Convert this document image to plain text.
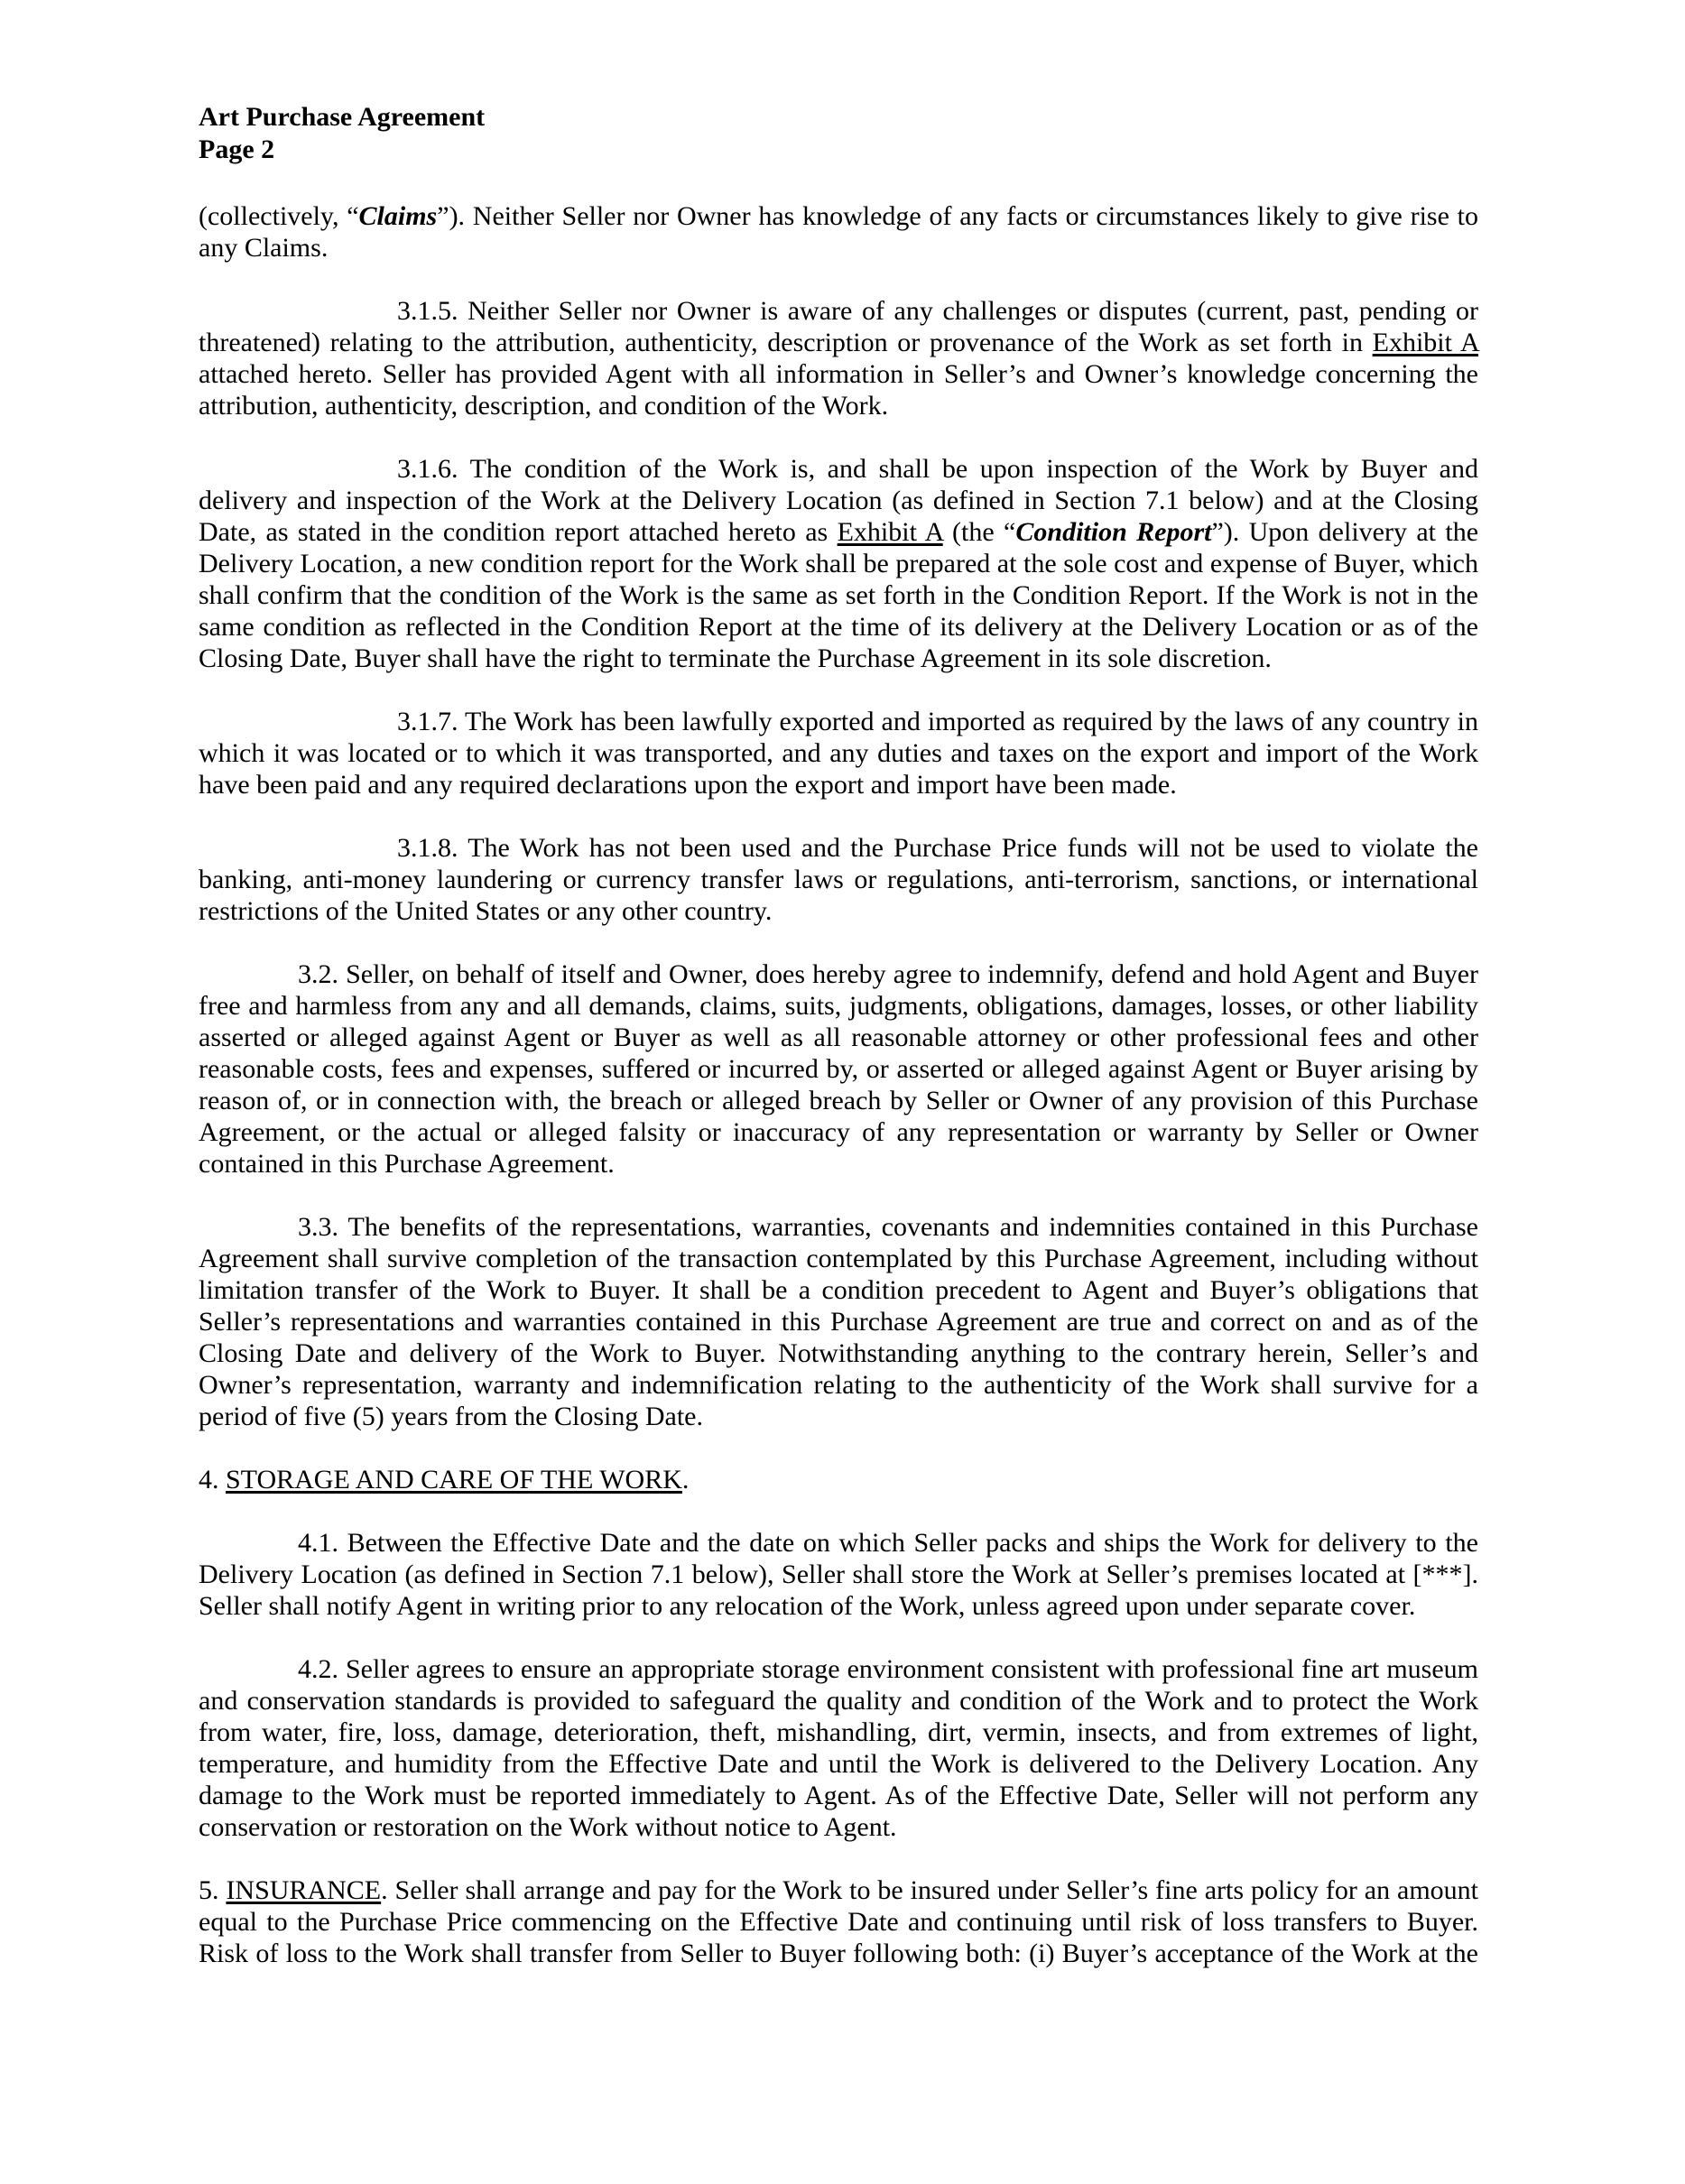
Art Purchase Agreement
Page 2

(collectively, “Claims”). Neither Seller nor Owner has knowledge of any facts or circumstances likely to give rise to any Claims.

3.1.5. Neither Seller nor Owner is aware of any challenges or disputes (current, past, pending or threatened) relating to the attribution, authenticity, description or provenance of the Work as set forth in Exhibit A attached hereto. Seller has provided Agent with all information in Seller’s and Owner’s knowledge concerning the attribution, authenticity, description, and condition of the Work.

3.1.6. The condition of the Work is, and shall be upon inspection of the Work by Buyer and delivery and inspection of the Work at the Delivery Location (as defined in Section 7.1 below) and at the Closing Date, as stated in the condition report attached hereto as Exhibit A (the “Condition Report”). Upon delivery at the Delivery Location, a new condition report for the Work shall be prepared at the sole cost and expense of Buyer, which shall confirm that the condition of the Work is the same as set forth in the Condition Report. If the Work is not in the same condition as reflected in the Condition Report at the time of its delivery at the Delivery Location or as of the Closing Date, Buyer shall have the right to terminate the Purchase Agreement in its sole discretion.

3.1.7. The Work has been lawfully exported and imported as required by the laws of any country in which it was located or to which it was transported, and any duties and taxes on the export and import of the Work have been paid and any required declarations upon the export and import have been made.

3.1.8. The Work has not been used and the Purchase Price funds will not be used to violate the banking, anti-money laundering or currency transfer laws or regulations, anti-terrorism, sanctions, or international restrictions of the United States or any other country.

3.2. Seller, on behalf of itself and Owner, does hereby agree to indemnify, defend and hold Agent and Buyer free and harmless from any and all demands, claims, suits, judgments, obligations, damages, losses, or other liability asserted or alleged against Agent or Buyer as well as all reasonable attorney or other professional fees and other reasonable costs, fees and expenses, suffered or incurred by, or asserted or alleged against Agent or Buyer arising by reason of, or in connection with, the breach or alleged breach by Seller or Owner of any provision of this Purchase Agreement, or the actual or alleged falsity or inaccuracy of any representation or warranty by Seller or Owner contained in this Purchase Agreement.

3.3. The benefits of the representations, warranties, covenants and indemnities contained in this Purchase Agreement shall survive completion of the transaction contemplated by this Purchase Agreement, including without limitation transfer of the Work to Buyer. It shall be a condition precedent to Agent and Buyer’s obligations that Seller’s representations and warranties contained in this Purchase Agreement are true and correct on and as of the Closing Date and delivery of the Work to Buyer. Notwithstanding anything to the contrary herein, Seller’s and Owner’s representation, warranty and indemnification relating to the authenticity of the Work shall survive for a period of five (5) years from the Closing Date.

4. STORAGE AND CARE OF THE WORK.

4.1. Between the Effective Date and the date on which Seller packs and ships the Work for delivery to the Delivery Location (as defined in Section 7.1 below), Seller shall store the Work at Seller’s premises located at [***]. Seller shall notify Agent in writing prior to any relocation of the Work, unless agreed upon under separate cover.

4.2. Seller agrees to ensure an appropriate storage environment consistent with professional fine art museum and conservation standards is provided to safeguard the quality and condition of the Work and to protect the Work from water, fire, loss, damage, deterioration, theft, mishandling, dirt, vermin, insects, and from extremes of light, temperature, and humidity from the Effective Date and until the Work is delivered to the Delivery Location. Any damage to the Work must be reported immediately to Agent. As of the Effective Date, Seller will not perform any conservation or restoration on the Work without notice to Agent.

5. INSURANCE. Seller shall arrange and pay for the Work to be insured under Seller’s fine arts policy for an amount equal to the Purchase Price commencing on the Effective Date and continuing until risk of loss transfers to Buyer. Risk of loss to the Work shall transfer from Seller to Buyer following both: (i) Buyer’s acceptance of the Work at the
